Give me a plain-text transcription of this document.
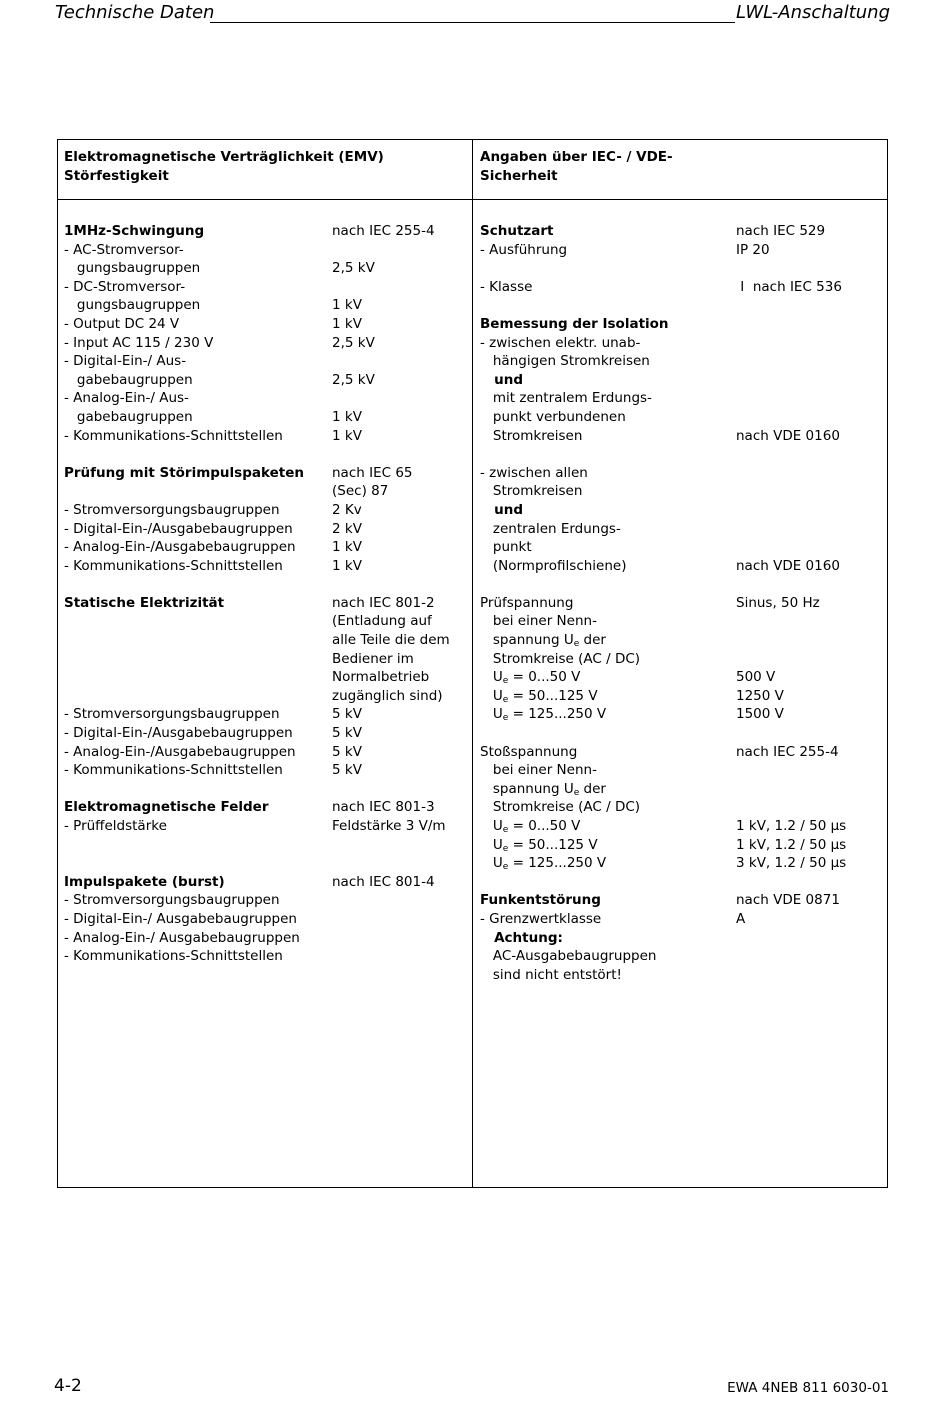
Technische Daten	LWL-Anschaltung
Elektromagnetische Verträglichkeit (EMV)
Störfestigkeit
Angaben über IEC- / VDE-
Sicherheit
1MHz-Schwingung	nach IEC 255-4
- AC-Stromversor-
gungsbaugruppen	2,5 kV
- DC-Stromversor-
gungsbaugruppen	1 kV
- Output DC 24 V	1 kV
- Input AC 115 / 230 V	2,5 kV
- Digital-Ein-/ Aus-
gabebaugruppen	2,5 kV
- Analog-Ein-/ Aus-
gabebaugruppen	1 kV
- Kommunikations-Schnittstellen	1 kV
Prüfung mit Störimpulspaketen nach IEC 65
(Sec) 87
- Stromversorgungsbaugruppen	2 Kv
- Digital-Ein-/Ausgabebaugruppen	2 kV
- Analog-Ein-/Ausgabebaugruppen	1 kV
- Kommunikations-Schnittstellen	1 kV
Statische Elektrizität	nach IEC 801-2
(Entladung auf
alle Teile die dem
Bediener im
Normalbetrieb
zugänglich sind)
- Stromversorgungsbaugruppen	5 kV
- Digital-Ein-/Ausgabebaugruppen	5 kV
- Analog-Ein-/Ausgabebaugruppen	5 kV
- Kommunikations-Schnittstellen	5 kV
Elektromagnetische Felder	nach IEC 801-3
- Prüffeldstärke	Feldstärke 3 V/m
Impulspakete (burst)	nach IEC 801-4
- Stromversorgungsbaugruppen
- Digital-Ein-/ Ausgabebaugruppen
- Analog-Ein-/ Ausgabebaugruppen
- Kommunikations-Schnittstellen
Schutzart	nach IEC 529
- Ausführung	IP 20
- Klasse	I  nach IEC 536
Bemessung der Isolation
- zwischen elektr. unab-
hängigen Stromkreisen
und
mit zentralem Erdungs-
punkt verbundenen
Stromkreisen	nach VDE 0160
- zwischen allen
Stromkreisen
und
zentralen Erdungs-
punkt
(Normprofilschiene)	nach VDE 0160
Prüfspannung	Sinus, 50 Hz
bei einer Nenn-
spannung $U_e$ der
Stromkreise (AC / DC)
$U_e = 0...50$ V	500 V
$U_e = 50...125$ V	1250 V
$U_e = 125...250$ V	1500 V
Stoßspannung	nach IEC 255-4
bei einer Nenn-
spannung $U_e$ der
Stromkreise (AC / DC)
$U_e = 0...50$ V	1 kV, 1.2 / 50 µs
$U_e = 50...125$ V	1 kV, 1.2 / 50 µs
$U_e = 125...250$ V	3 kV, 1.2 / 50 µs
Funkentstörung	nach VDE 0871
- Grenzwertklasse	A
Achtung:
AC-Ausgabebaugruppen
sind nicht entstört!
4-2	EWA 4NEB 811 6030-01
